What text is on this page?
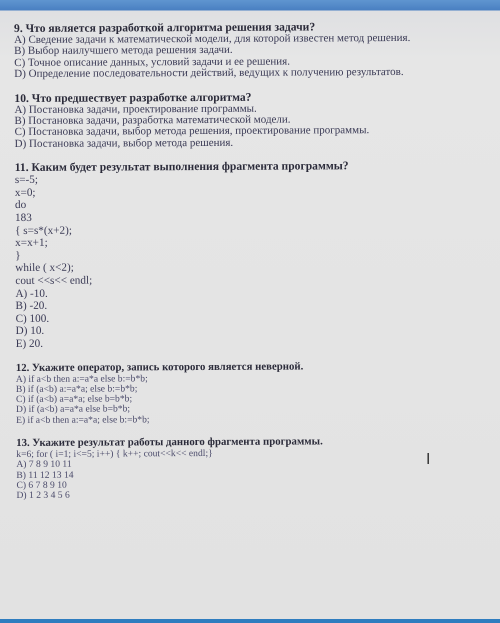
9. Что является разработкой алгоритма решения задачи?
A) Сведение задачи к математической модели, для которой известен метод решения.
B) Выбор наилучшего метода решения задачи.
C) Точное описание данных, условий задачи и ее решения.
D) Определение последовательности действий, ведущих к получению результатов.
10. Что предшествует разработке алгоритма?
A) Постановка задачи, проектирование программы.
B) Постановка задачи, разработка математической модели.
C) Постановка задачи, выбор метода решения, проектирование программы.
D) Постановка задачи, выбор метода решения.
11. Каким будет результат выполнения фрагмента программы?
s=-5;
x=0;
do
183
{ s=s*(x+2);
x=x+1;
}
while ( x<2);
cout <<s<< endl;
A) -10.
B) -20.
C) 100.
D) 10.
E) 20.
12. Укажите оператор, запись которого является неверной.
A) if a<b then a:=a*a else b:=b*b;
B) if (a<b) a:=a*a; else b:=b*b;
C) if (a<b) a=a*a; else b=b*b;
D) if (a<b) a=a*a else b=b*b;
E) if a<b then a:=a*a; else b:=b*b;
13. Укажите результат работы данного фрагмента программы.
k=6; for ( i=1; i<=5; i++) { k++; cout<<k<< endl;}
A) 7 8 9 10 11
B) 11 12 13 14
C) 6 7 8 9 10
D) 1 2 3 4 5 6
I
